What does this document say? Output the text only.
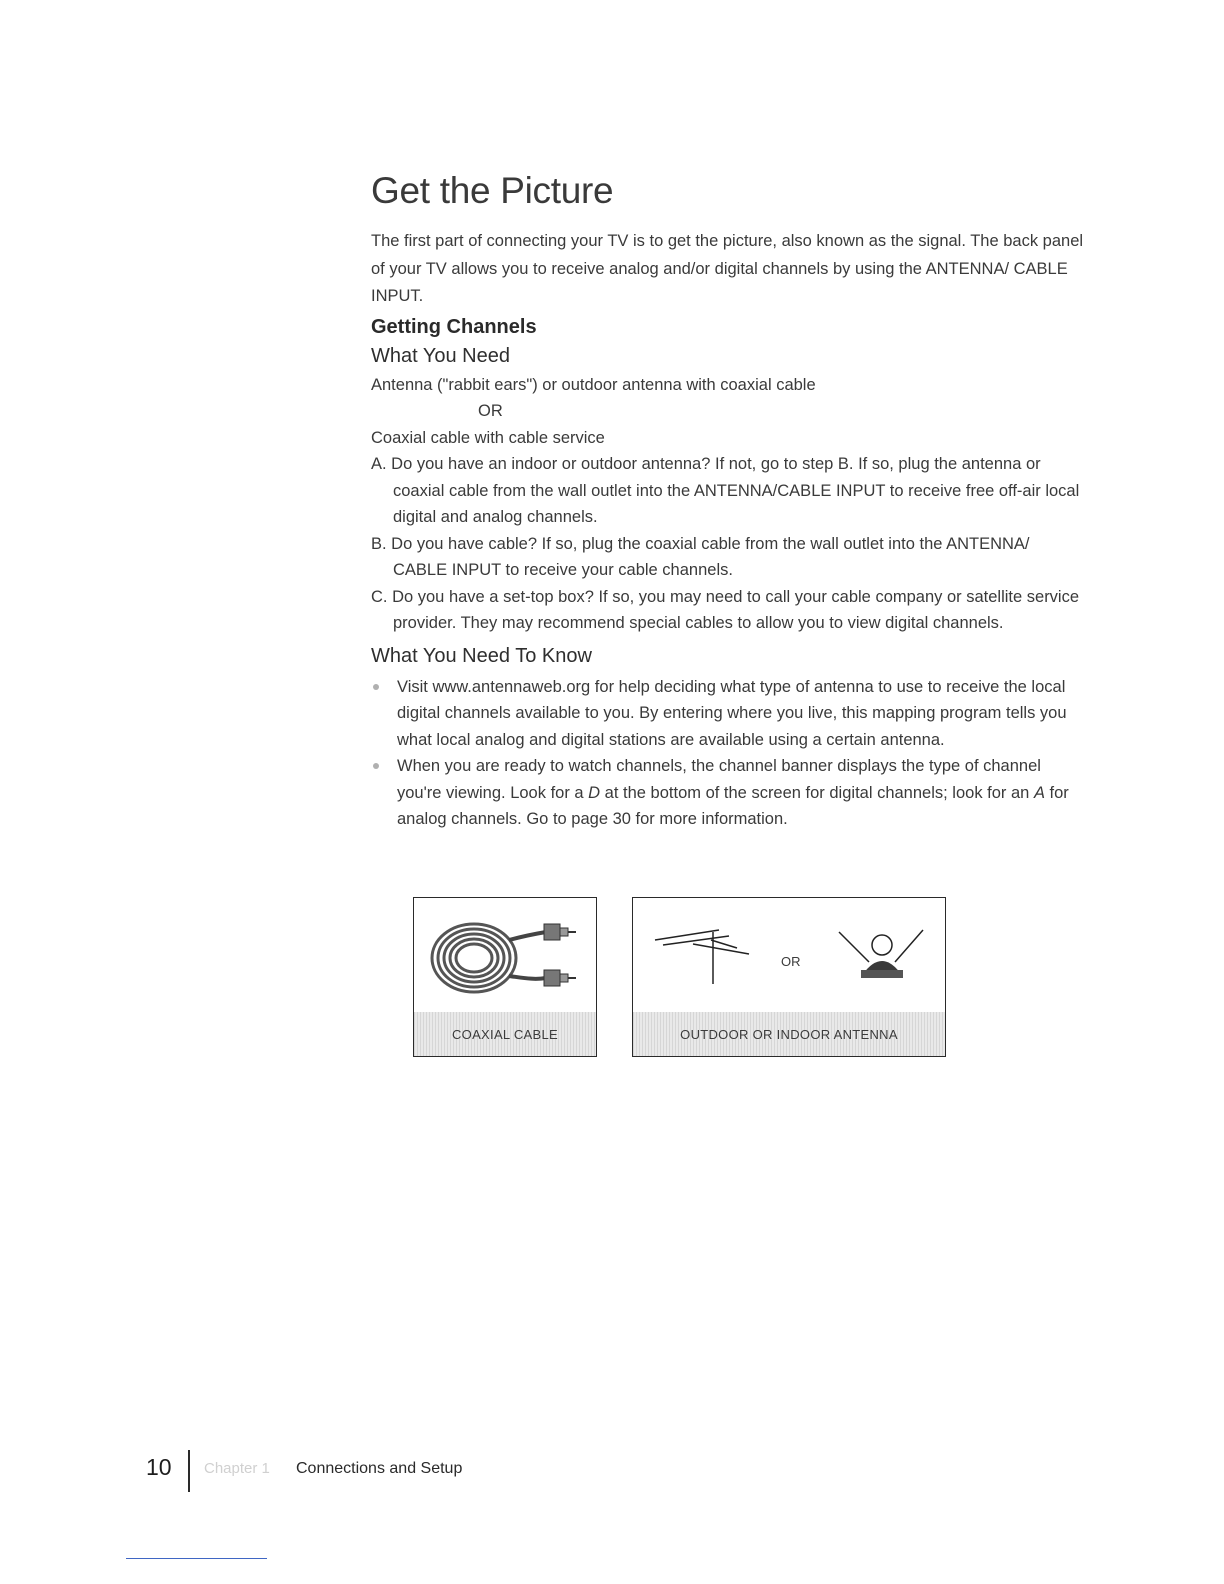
Get the Picture

The first part of connecting your TV is to get the picture, also known as the signal. The back panel of your TV allows you to receive analog and/or digital channels by using the ANTENNA/ CABLE INPUT.

Getting Channels
What You Need

Antenna ("rabbit ears") or outdoor antenna with coaxial cable

OR

Coaxial cable with cable service

A. Do you have an indoor or outdoor antenna? If not, go to step B. If so, plug the antenna or coaxial cable from the wall outlet into the ANTENNA/CABLE INPUT to receive free off-air local digital and analog channels.

B. Do you have cable? If so, plug the coaxial cable from the wall outlet into the ANTENNA/ CABLE INPUT to receive your cable channels.

C. Do you have a set-top box? If so, you may need to call your cable company or satellite service provider. They may recommend special cables to allow you to view digital channels.

What You Need To Know

Visit www.antennaweb.org for help deciding what type of antenna to use to receive the local digital channels available to you. By entering where you live, this mapping program tells you what local analog and digital stations are available using a certain antenna.

When you are ready to watch channels, the channel banner displays the type of channel you're viewing. Look for a D at the bottom of the screen for digital channels; look for an A for analog channels. Go to page 30 for more information.

COAXIAL CABLE
OR
OUTDOOR OR INDOOR ANTENNA
10 Chapter 1 Connections and Setup
